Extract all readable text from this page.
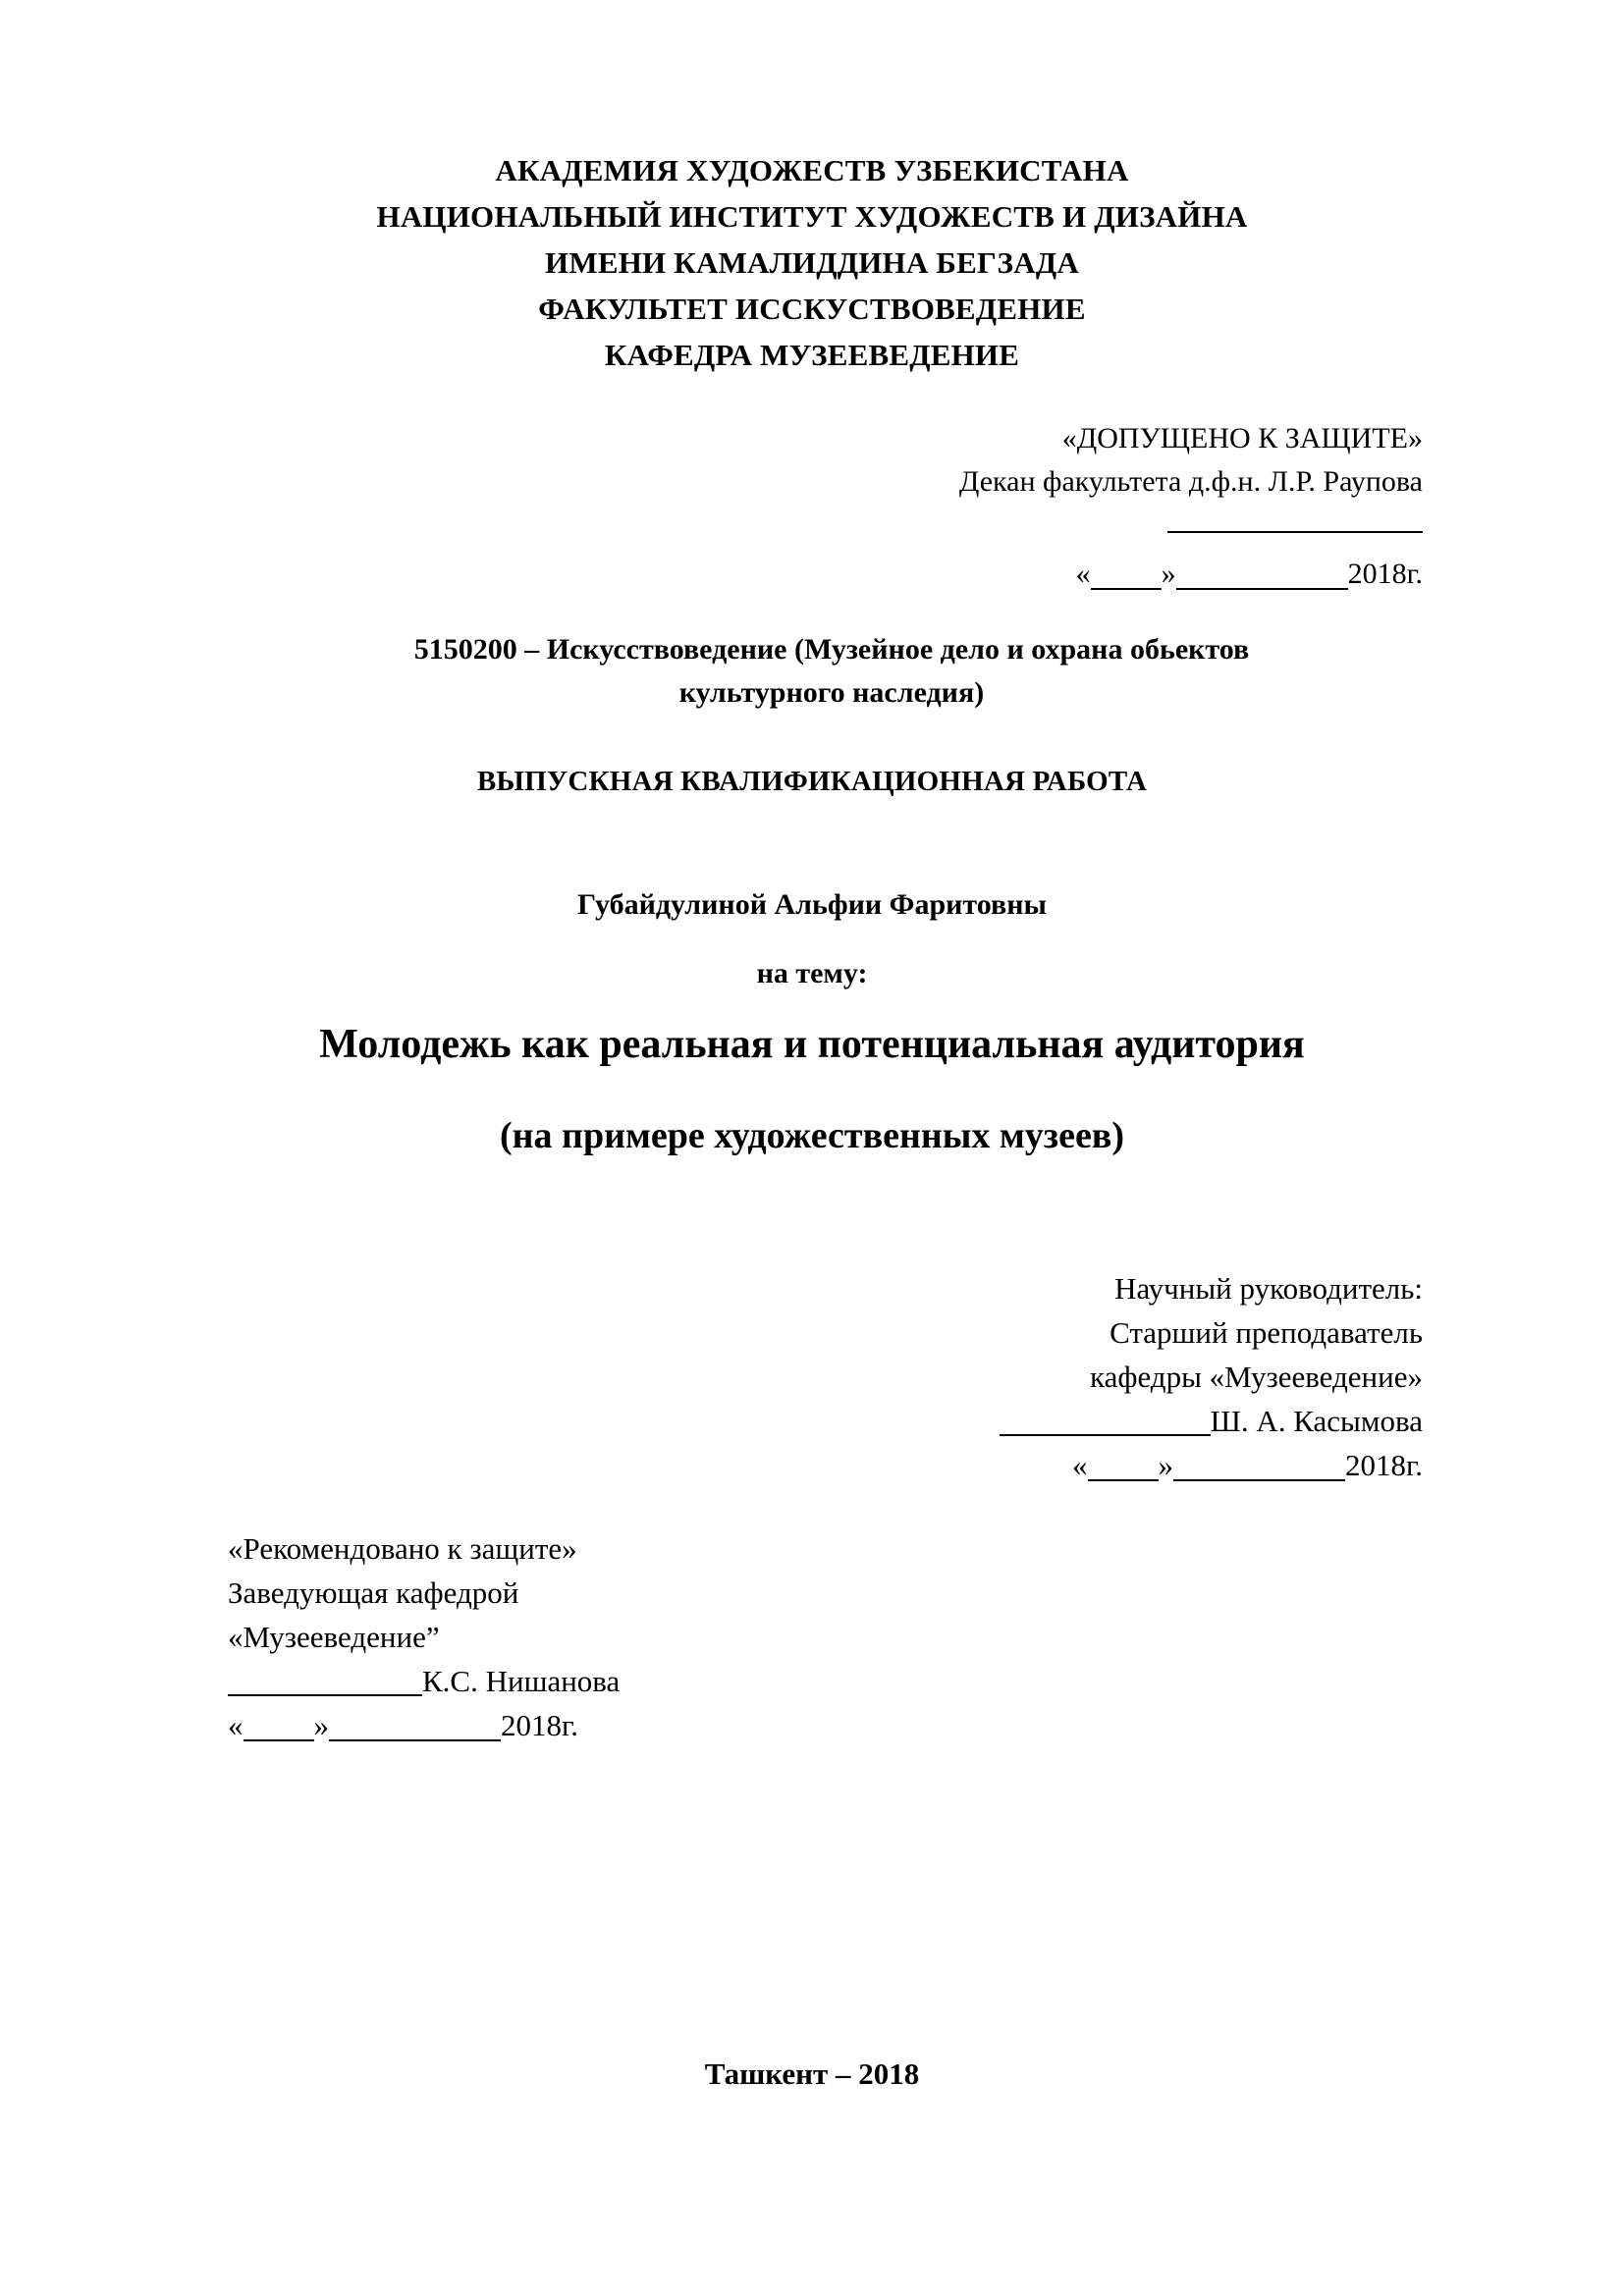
АКАДЕМИЯ ХУДОЖЕСТВ УЗБЕКИСТАНА
НАЦИОНАЛЬНЫЙ ИНСТИТУТ ХУДОЖЕСТВ И ДИЗАЙНА
ИМЕНИ КАМАЛИДДИНА БЕГЗАДА
ФАКУЛЬТЕТ ИССКУСТВОВЕДЕНИЕ
КАФЕДРА МУЗЕЕВЕДЕНИЕ
«ДОПУЩЕНО К ЗАЩИТЕ»
Декан факультета д.ф.н. Л.Р. Раупова
« »	2018г.
5150200 – Искусствоведение (Музейное дело и охрана обьектов
культурного наследия)
ВЫПУСКНАЯ КВАЛИФИКАЦИОННАЯ РАБОТА
Губайдулиной Альфии Фаритовны
на тему:
Молодежь как реальная и потенциальная аудитория
(на примере художественных музеев)
Научный руководитель:
Старший преподаватель
кафедры «Музееведение»
Ш. А. Касымова
« »	2018г.
«Рекомендовано к защите»
Заведующая кафедрой
«Музееведение”
К.С. Нишанова
« »	2018г.
Ташкент – 2018
